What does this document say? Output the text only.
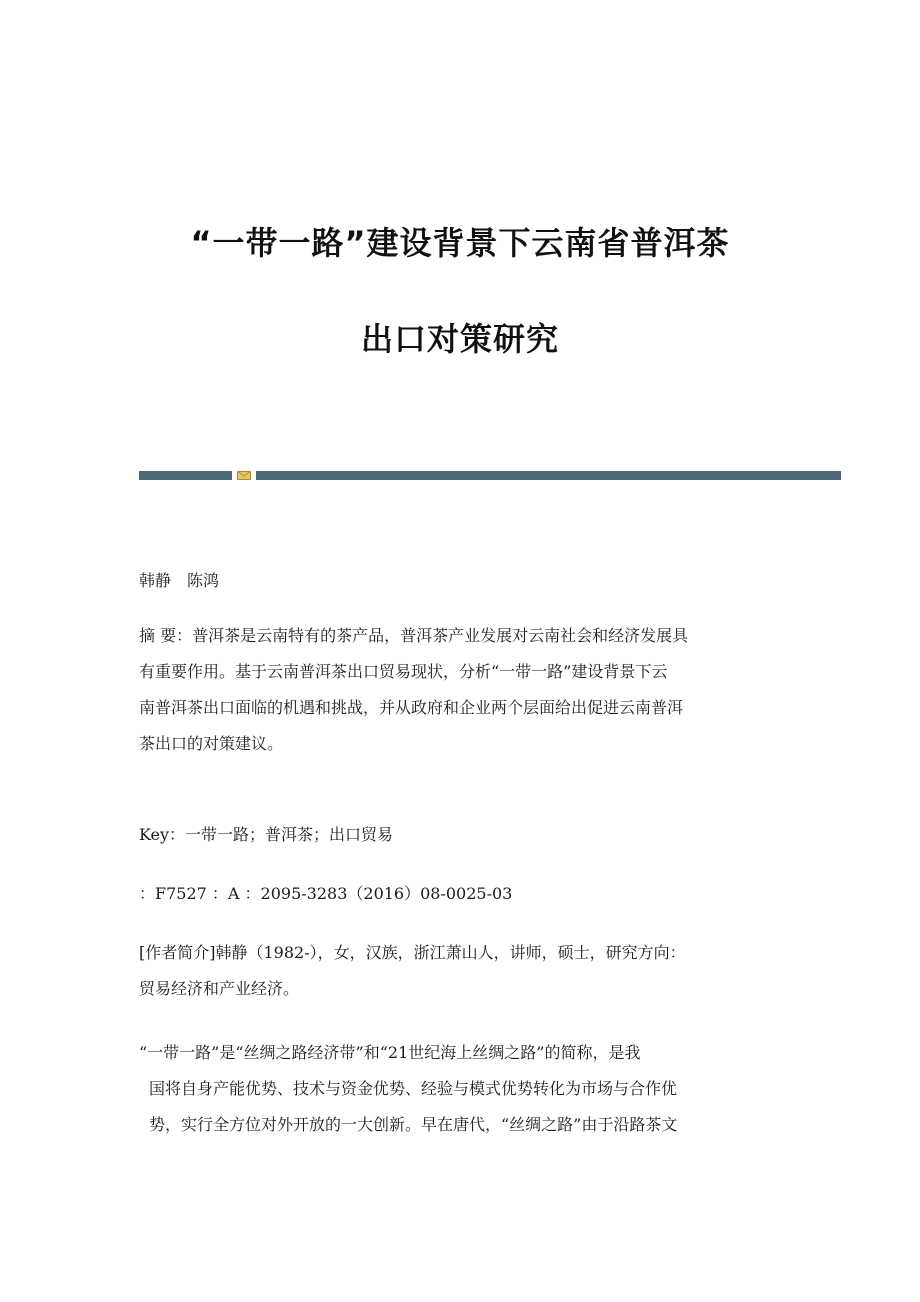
“一带一路”建设背景下云南省普洱茶
出口对策研究

韩静　陈鸿

摘 要：普洱茶是云南特有的茶产品，普洱茶产业发展对云南社会和经济发展具
有重要作用。基于云南普洱茶出口贸易现状，分析“一带一路”建设背景下云
南普洱茶出口面临的机遇和挑战，并从政府和企业两个层面给出促进云南普洱
茶出口的对策建议。

Key：一带一路；普洱茶；出口贸易

：F7527 ：A ：2095-3283（2016）08-0025-03

[作者简介]韩静（1982-），女，汉族，浙江萧山人，讲师，硕士，研究方向：
贸易经济和产业经济。

“一带一路”是“丝绸之路经济带”和“21世纪海上丝绸之路”的简称，是我
国将自身产能优势、技术与资金优势、经验与模式优势转化为市场与合作优
势，实行全方位对外开放的一大创新。早在唐代，“丝绸之路”由于沿路茶文
